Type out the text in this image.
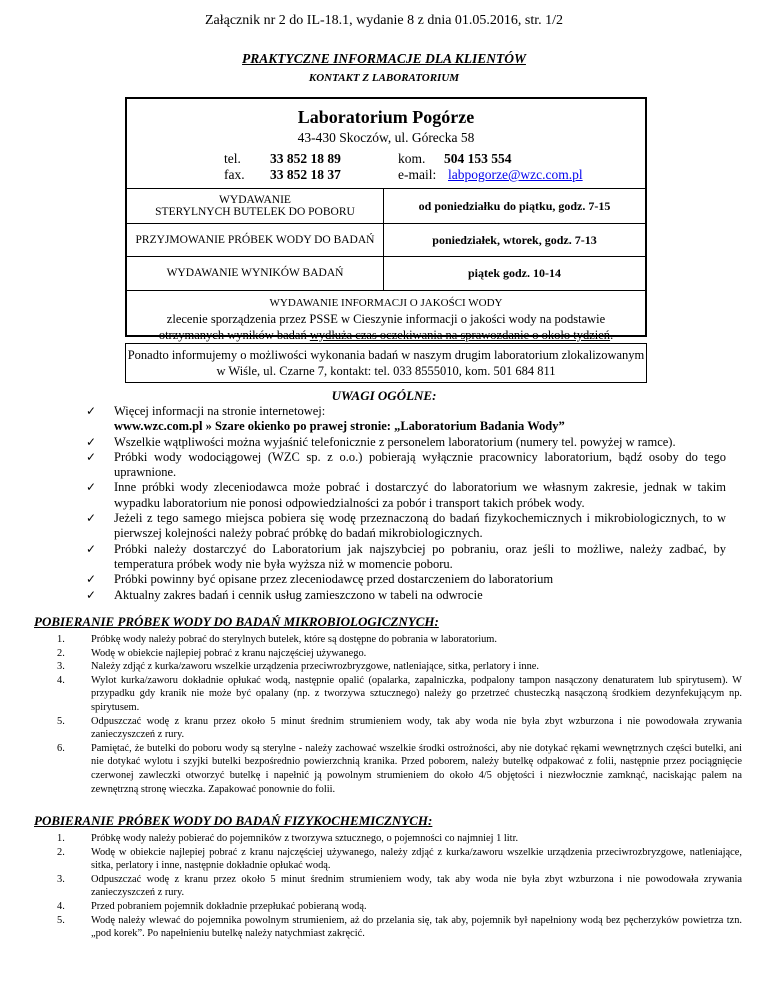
Załącznik nr 2 do IL-18.1, wydanie 8 z dnia 01.05.2016, str. 1/2
PRAKTYCZNE INFORMACJE DLA KLIENTÓW
KONTAKT Z LABORATORIUM
Laboratorium Pogórze
43-430 Skoczów, ul. Górecka 58
tel. 33 852 18 89
fax. 33 852 18 37
kom. 504 153 554
e-mail: labpogorze@wzc.com.pl
WYDAWANIE
STERYLNYCH BUTELEK DO POBORU	od poniedziałku do piątku, godz. 7-15
PRZYJMOWANIE PRÓBEK WODY DO BADAŃ	poniedziałek, wtorek, godz. 7-13
WYDAWANIE WYNIKÓW BADAŃ	piątek godz. 10-14
WYDAWANIE INFORMACJI O JAKOŚCI WODY
zlecenie sporządzenia przez PSSE w Cieszynie informacji o jakości wody na podstawie
otrzymanych wyników badań wydłuża czas oczekiwania na sprawozdanie o około tydzień.
Ponadto informujemy o możliwości wykonania badań w naszym drugim laboratorium zlokalizowanym
w Wiśle, ul. Czarne 7, kontakt: tel. 033 8555010, kom. 501 684 811
UWAGI OGÓLNE:
✓	Więcej informacji na stronie internetowej:
www.wzc.com.pl » Szare okienko po prawej stronie: „Laboratorium Badania Wody”
✓	Wszelkie wątpliwości można wyjaśnić telefonicznie z personelem laboratorium (numery tel. powyżej w ramce).
✓	Próbki wody wodociągowej (WZC sp. z o.o.) pobierają wyłącznie pracownicy laboratorium, bądź osoby do tego uprawnione.
✓	Inne próbki wody zleceniodawca może pobrać i dostarczyć do laboratorium we własnym zakresie, jednak w takim wypadku laboratorium nie ponosi odpowiedzialności za pobór i transport takich próbek wody.
✓	Jeżeli z tego samego miejsca pobiera się wodę przeznaczoną do badań fizykochemicznych i mikrobiologicznych, to w pierwszej kolejności należy pobrać próbkę do badań mikrobiologicznych.
✓	Próbki należy dostarczyć do Laboratorium jak najszybciej po pobraniu, oraz jeśli to możliwe, należy zadbać, by temperatura próbek wody nie była wyższa niż w momencie poboru.
✓	Próbki powinny być opisane przez zleceniodawcę przed dostarczeniem do laboratorium
✓	Aktualny zakres badań i cennik usług zamieszczono w tabeli na odwrocie
POBIERANIE PRÓBEK WODY DO BADAŃ MIKROBIOLOGICZNYCH:
1.	Próbkę wody należy pobrać do sterylnych butelek, które są dostępne do pobrania w laboratorium.
2.	Wodę w obiekcie najlepiej pobrać z kranu najczęściej używanego.
3.	Należy zdjąć z kurka/zaworu wszelkie urządzenia przeciwrozbryzgowe, natleniające, sitka, perlatory i inne.
4.	Wylot kurka/zaworu dokładnie opłukać wodą, następnie opalić (opalarka, zapalniczka, podpalony tampon nasączony denaturatem lub spirytusem). W przypadku gdy kranik nie może być opalany (np. z tworzywa sztucznego) należy go przetrzeć chusteczką nasączoną środkiem dezynfekującym np. spirytusem.
5.	Odpuszczać wodę z kranu przez około 5 minut średnim strumieniem wody, tak aby woda nie była zbyt wzburzona i nie powodowała zrywania zanieczyszczeń z rury.
6.	Pamiętać, że butelki do poboru wody są sterylne - należy zachować wszelkie środki ostrożności, aby nie dotykać rękami wewnętrznych części butelki, ani nie dotykać wylotu i szyjki butelki bezpośrednio powierzchnią kranika. Przed poborem, należy butelkę odpakować z folii, następnie przez pociągnięcie czerwonej zawleczki otworzyć butelkę i napełnić ją powolnym strumieniem do około 4/5 objętości i niezwłocznie zamknąć, naciskając palem na zewnętrzną stronę wieczka. Zapakować ponownie do folii.
POBIERANIE PRÓBEK WODY DO BADAŃ FIZYKOCHEMICZNYCH:
1.	Próbkę wody należy pobierać do pojemników z tworzywa sztucznego, o pojemności co najmniej 1 litr.
2.	Wodę w obiekcie najlepiej pobrać z kranu najczęściej używanego, należy zdjąć z kurka/zaworu wszelkie urządzenia przeciwrozbryzgowe, natleniające, sitka, perlatory i inne, następnie dokładnie opłukać wodą.
3.	Odpuszczać wodę z kranu przez około 5 minut średnim strumieniem wody, tak aby woda nie była zbyt wzburzona i nie powodowała zrywania zanieczyszczeń z rury.
4.	Przed pobraniem pojemnik dokładnie przepłukać pobieraną wodą.
5.	Wodę należy wlewać do pojemnika powolnym strumieniem, aż do przelania się, tak aby, pojemnik był napełniony wodą bez pęcherzyków powietrza tzn. „pod korek”. Po napełnieniu butelkę należy natychmiast zakręcić.
